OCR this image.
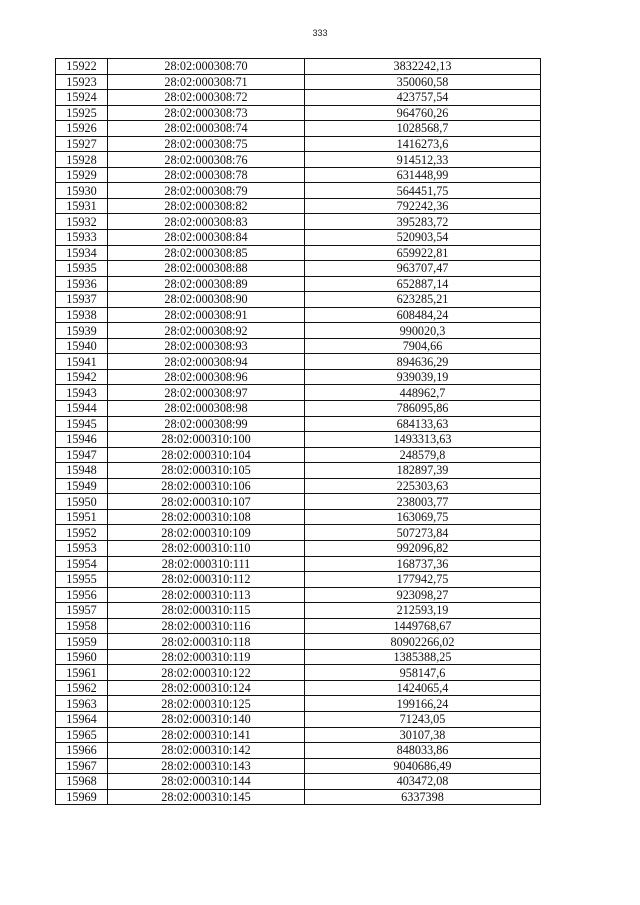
333
15922	28:02:000308:70	3832242,13
15923	28:02:000308:71	350060,58
15924	28:02:000308:72	423757,54
15925	28:02:000308:73	964760,26
15926	28:02:000308:74	1028568,7
15927	28:02:000308:75	1416273,6
15928	28:02:000308:76	914512,33
15929	28:02:000308:78	631448,99
15930	28:02:000308:79	564451,75
15931	28:02:000308:82	792242,36
15932	28:02:000308:83	395283,72
15933	28:02:000308:84	520903,54
15934	28:02:000308:85	659922,81
15935	28:02:000308:88	963707,47
15936	28:02:000308:89	652887,14
15937	28:02:000308:90	623285,21
15938	28:02:000308:91	608484,24
15939	28:02:000308:92	990020,3
15940	28:02:000308:93	7904,66
15941	28:02:000308:94	894636,29
15942	28:02:000308:96	939039,19
15943	28:02:000308:97	448962,7
15944	28:02:000308:98	786095,86
15945	28:02:000308:99	684133,63
15946	28:02:000310:100	1493313,63
15947	28:02:000310:104	248579,8
15948	28:02:000310:105	182897,39
15949	28:02:000310:106	225303,63
15950	28:02:000310:107	238003,77
15951	28:02:000310:108	163069,75
15952	28:02:000310:109	507273,84
15953	28:02:000310:110	992096,82
15954	28:02:000310:111	168737,36
15955	28:02:000310:112	177942,75
15956	28:02:000310:113	923098,27
15957	28:02:000310:115	212593,19
15958	28:02:000310:116	1449768,67
15959	28:02:000310:118	80902266,02
15960	28:02:000310:119	1385388,25
15961	28:02:000310:122	958147,6
15962	28:02:000310:124	1424065,4
15963	28:02:000310:125	199166,24
15964	28:02:000310:140	71243,05
15965	28:02:000310:141	30107,38
15966	28:02:000310:142	848033,86
15967	28:02:000310:143	9040686,49
15968	28:02:000310:144	403472,08
15969	28:02:000310:145	6337398
